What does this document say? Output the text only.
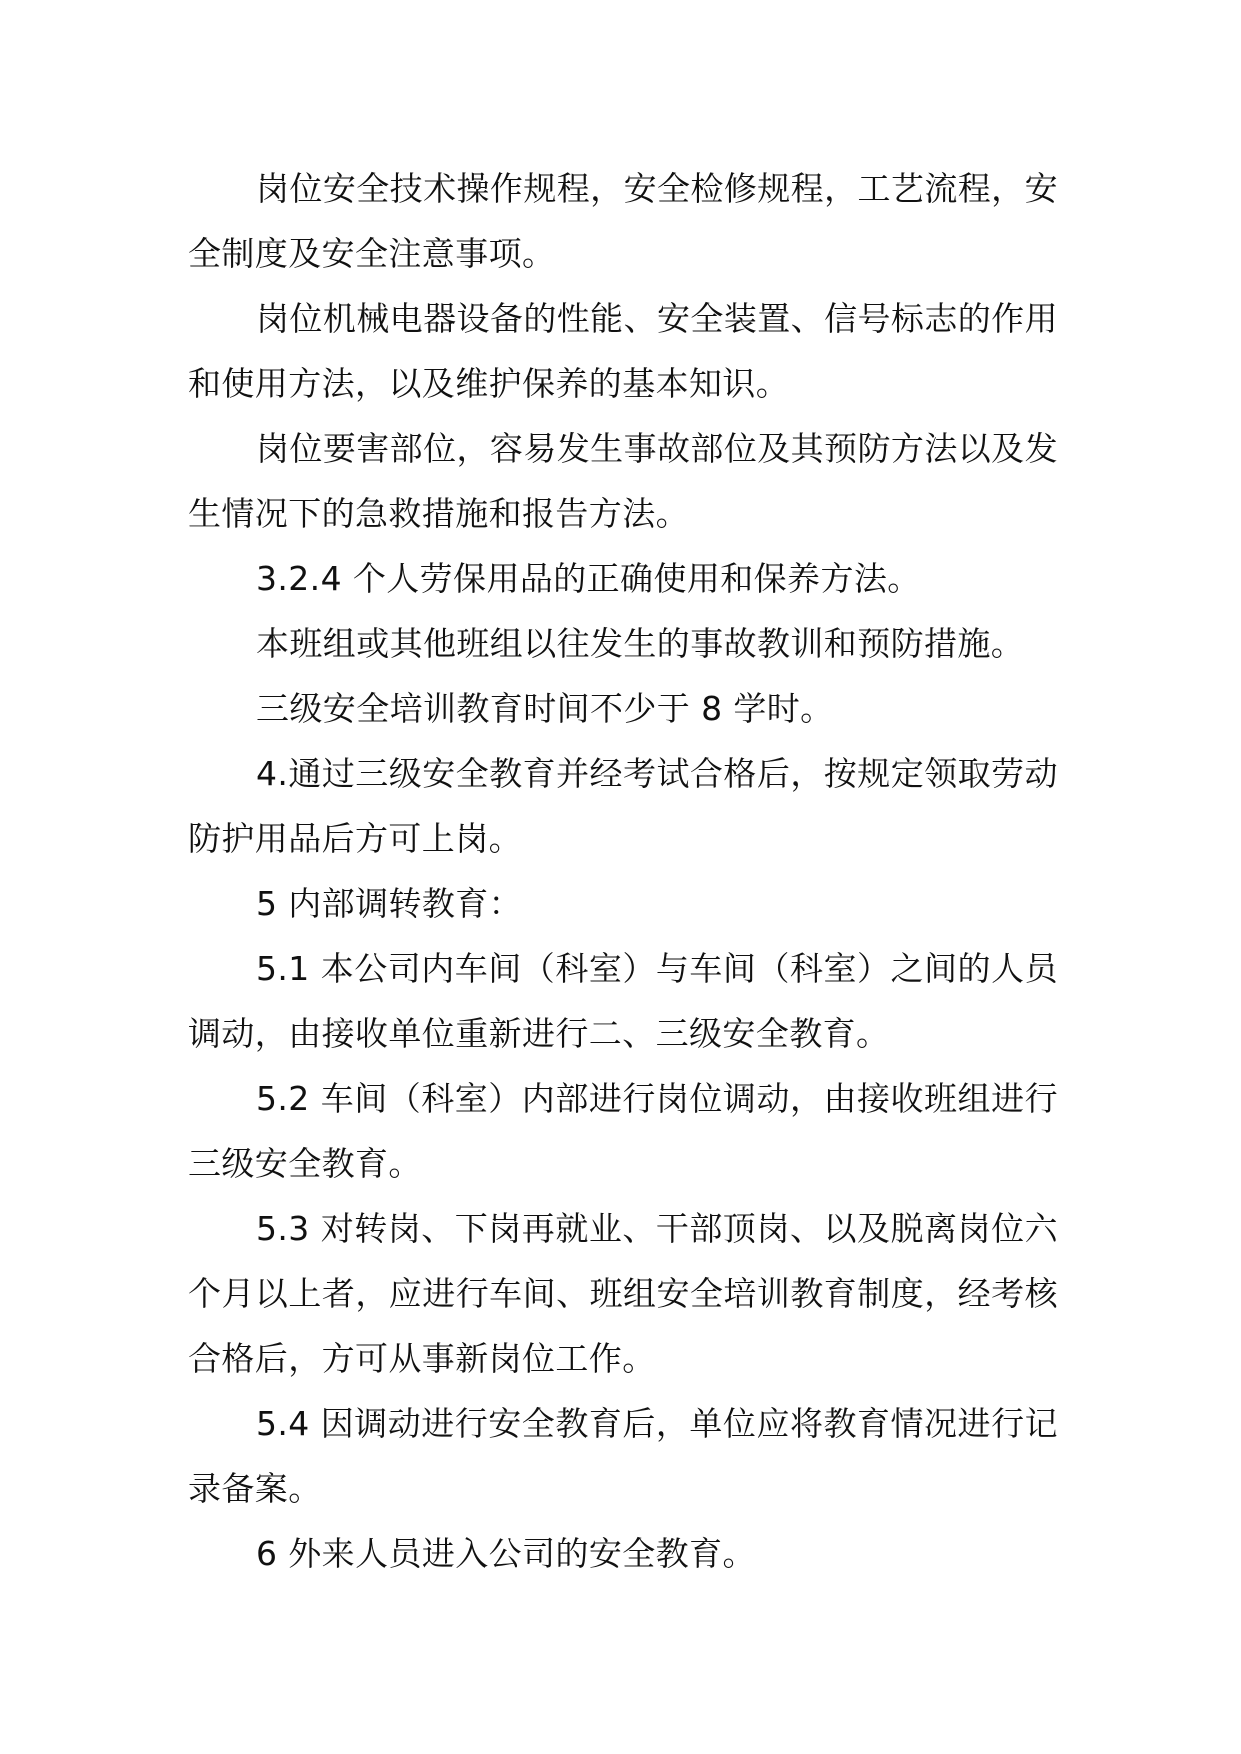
岗位安全技术操作规程，安全检修规程，工艺流程，安全制度及安全注意事项。

岗位机械电器设备的性能、安全装置、信号标志的作用和使用方法，以及维护保养的基本知识。

岗位要害部位，容易发生事故部位及其预防方法以及发生情况下的急救措施和报告方法。

3.2.4 个人劳保用品的正确使用和保养方法。

本班组或其他班组以往发生的事故教训和预防措施。

三级安全培训教育时间不少于 8 学时。

4.通过三级安全教育并经考试合格后，按规定领取劳动防护用品后方可上岗。

5 内部调转教育：

5.1 本公司内车间（科室）与车间（科室）之间的人员调动，由接收单位重新进行二、三级安全教育。

5.2 车间（科室）内部进行岗位调动，由接收班组进行三级安全教育。

5.3 对转岗、下岗再就业、干部顶岗、以及脱离岗位六个月以上者，应进行车间、班组安全培训教育制度，经考核合格后，方可从事新岗位工作。

5.4 因调动进行安全教育后，单位应将教育情况进行记录备案。

6 外来人员进入公司的安全教育。
